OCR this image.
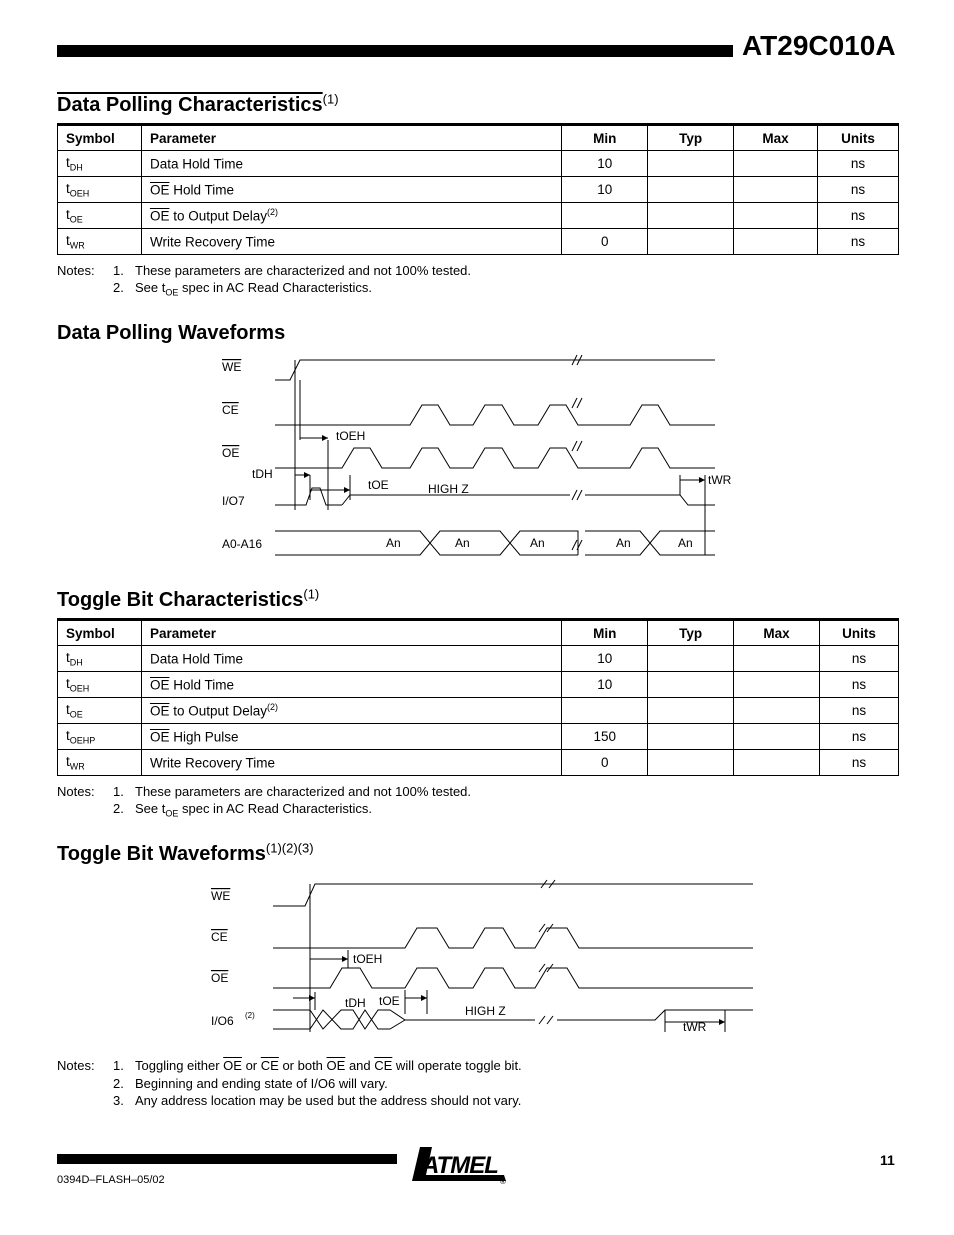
AT29C010A
Data Polling Characteristics$^{(1)}$
Symbol	Parameter	Min	Typ	Max	Units
$t_{DH}$	Data Hold Time	10			ns
$t_{OEH}$	$\overline{OE}$ Hold Time	10			ns
$t_{OE}$	$\overline{OE}$ to Output Delay$^{(2)}$				ns
$t_{WR}$	Write Recovery Time	0			ns
Notes: 1. These parameters are characterized and not 100% tested.
2. See $t_{OE}$ spec in AC Read Characteristics.
Data Polling Waveforms
WE
CE
OE
I/O7
A0-A16
tOEH
tDH
tOE	HIGH Z
tWR
An	An	An	An	An
Toggle Bit Characteristics$^{(1)}$
Symbol	Parameter	Min	Typ	Max	Units
$t_{DH}$	Data Hold Time	10			ns
$t_{OEH}$	$\overline{OE}$ Hold Time	10			ns
$t_{OE}$	$\overline{OE}$ to Output Delay$^{(2)}$				ns
$t_{OEHP}$	$\overline{OE}$ High Pulse	150			ns
$t_{WR}$	Write Recovery Time	0			ns
Notes: 1. These parameters are characterized and not 100% tested.
2. See $t_{OE}$ spec in AC Read Characteristics.
Toggle Bit Waveforms$^{(1)(2)(3)}$
WE
CE
OE
I/O6 (2)
tOEH
tDH tOE
HIGH Z
tWR
Notes: 1. Toggling either $\overline{OE}$ or $\overline{CE}$ or both $\overline{OE}$ and $\overline{CE}$ will operate toggle bit.
2. Beginning and ending state of I/O6 will vary.
3. Any address location may be used but the address should not vary.
ATMEL
®
11
0394D–FLASH–05/02
